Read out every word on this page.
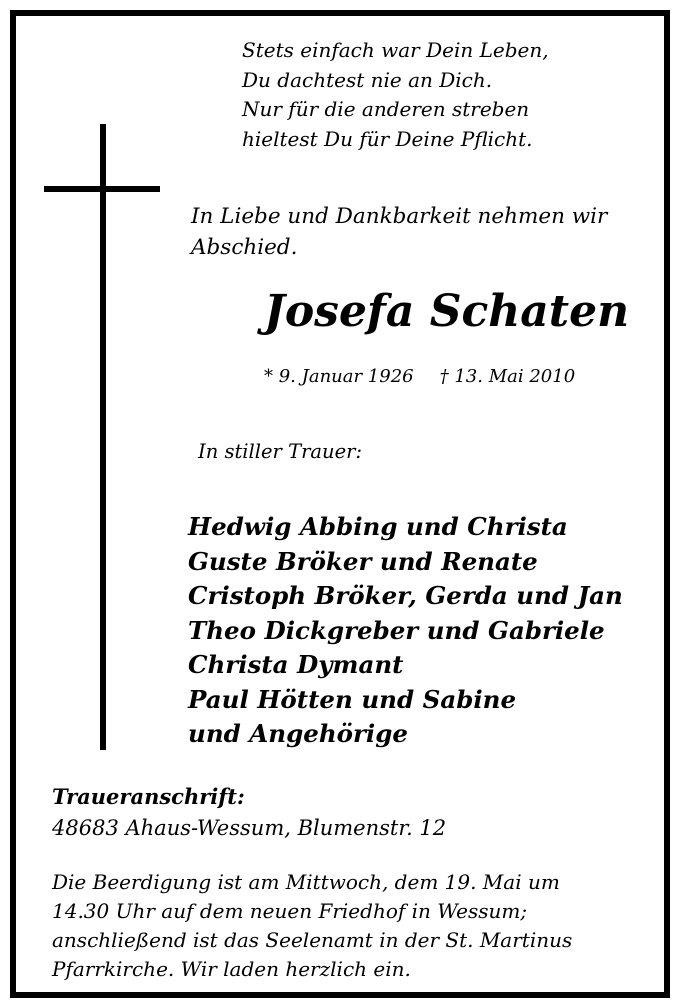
Stets einfach war Dein Leben,
Du dachtest nie an Dich.
Nur für die anderen streben
hieltest Du für Deine Pflicht.

In Liebe und Dankbarkeit nehmen wir Abschied.

Josefa Schaten
* 9. Januar 1926 † 13. Mai 2010
In stiller Trauer:
Hedwig Abbing und Christa
Guste Bröker und Renate
Cristoph Bröker, Gerda und Jan
Theo Dickgreber und Gabriele
Christa Dymant
Paul Hötten und Sabine
und Angehörige
Traueranschrift:
48683 Ahaus-Wessum, Blumenstr. 12
Die Beerdigung ist am Mittwoch, dem 19. Mai um
14.30 Uhr auf dem neuen Friedhof in Wessum;
anschließend ist das Seelenamt in der St. Martinus
Pfarrkirche. Wir laden herzlich ein.
